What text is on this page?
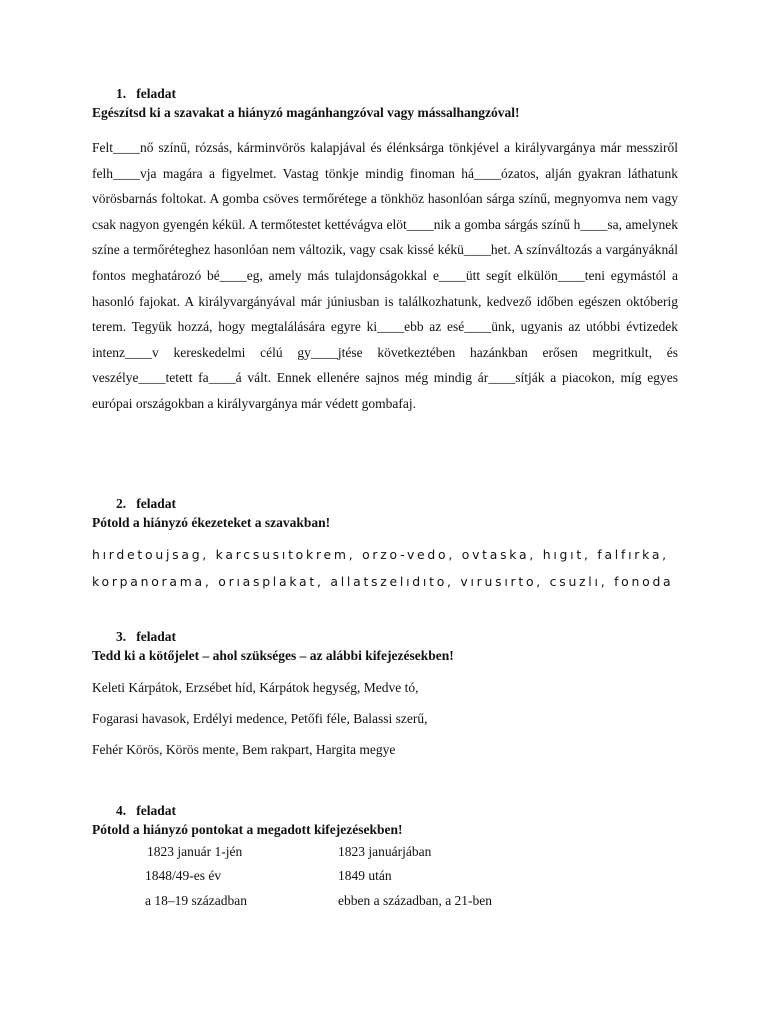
1. feladat
Egészítsd ki a szavakat a hiányzó magánhangzóval vagy mássalhangzóval!

Felt____nő színű, rózsás, kárminvörös kalapjával és élénksárga tönkjével a királyvargánya már messziről felh____vja magára a figyelmet. Vastag tönkje mindig finoman há____ózatos, alján gyakran láthatunk vörösbarnás foltokat. A gomba csöves termőrétege a tönkhöz hasonlóan sárga színű, megnyomva nem vagy csak nagyon gyengén kékül. A termőtestet kettévágva elöt____nik a gomba sárgás színű h____sa, amelynek színe a termőréteghez hasonlóan nem változik, vagy csak kissé kékü____het. A színváltozás a vargányáknál fontos meghatározó bé____eg, amely más tulajdonságokkal e____ütt segít elkülön____teni egymástól a hasonló fajokat. A királyvargányával már júniusban is találkozhatunk, kedvező időben egészen októberig terem. Tegyük hozzá, hogy megtalálására egyre ki____ebb az esé____ünk, ugyanis az utóbbi évtizedek intenz____v kereskedelmi célú gy____jtése következtében hazánkban erősen megritkult, és veszélye____tetett fa____á vált. Ennek ellenére sajnos még mindig ár____sítják a piacokon, míg egyes európai országokban a királyvargánya már védett gombafaj.

2. feladat
Pótold a hiányzó ékezeteket a szavakban!
hırdetoujsag, karcsusıtokrem, orzo-vedo, ovtaska, hıgıt, falfırka,
korpanorama, orıasplakat, allatszelıdıto, vırusırto, csuzlı, fonoda
3. feladat
Tedd ki a kötőjelet – ahol szükséges – az alábbi kifejezésekben!
Keleti Kárpátok, Erzsébet híd, Kárpátok hegység, Medve tó,
Fogarasi havasok, Erdélyi medence, Petőfi féle, Balassi szerű,
Fehér Körös, Körös mente, Bem rakpart, Hargita megye
4. feladat
Pótold a hiányzó pontokat a megadott kifejezésekben!
1823 január 1-jén	1823 januárjában
1848/49-es év	1849 után
a 18–19 században	ebben a században, a 21-ben
